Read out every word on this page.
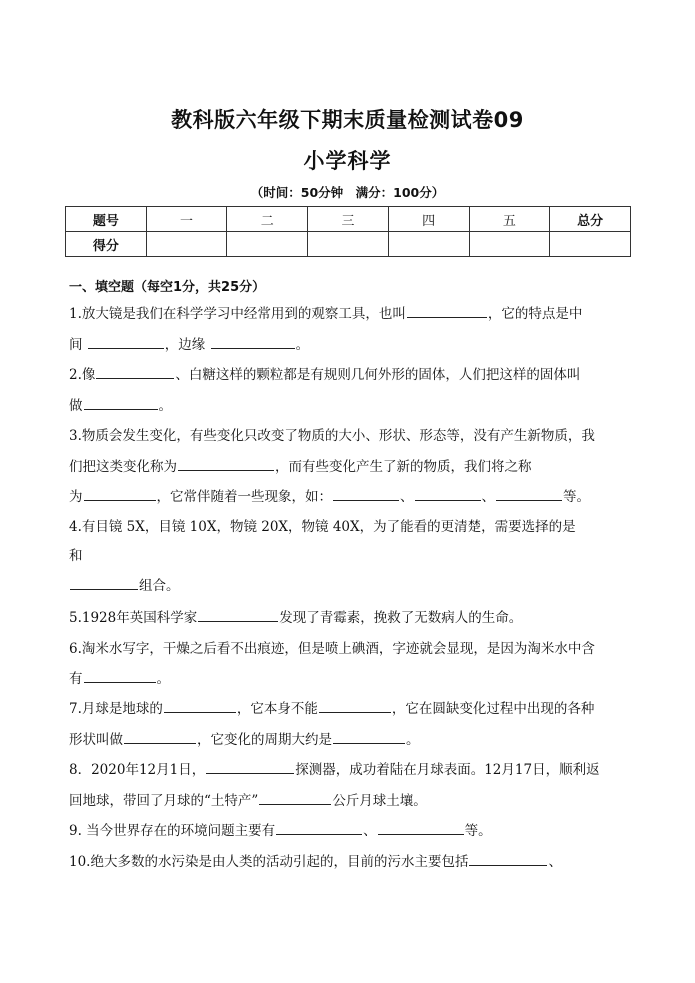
教科版六年级下期末质量检测试卷09
小学科学
（时间：50分钟　满分：100分）
题号	一	二	三	四	五	总分
得分						
一、填空题（每空1分，共25分）
1.放大镜是我们在科学学习中经常用到的观察工具，也叫	，它的特点是中
间	，边缘	。
2.像	、白糖这样的颗粒都是有规则几何外形的固体，人们把这样的固体叫
做	。
3.物质会发生变化，有些变化只改变了物质的大小、形状、形态等，没有产生新物质，我
们把这类变化称为	，而有些变化产生了新的物质，我们将之称
为	，它常伴随着一些现象，如：	、	、	等。
4.有目镜 5X，目镜 10X，物镜 20X，物镜 40X，为了能看的更清楚，需要选择的是
和
组合。
5.1928年英国科学家	发现了青霉素，挽救了无数病人的生命。
6.淘米水写字，干燥之后看不出痕迹，但是喷上碘酒，字迹就会显现，是因为淘米水中含
有	。
7.月球是地球的	，它本身不能	，它在圆缺变化过程中出现的各种
形状叫做	，它变化的周期大约是	。
8．2020年12月1日，	探测器，成功着陆在月球表面。12月17日，顺利返
回地球，带回了月球的“土特产”	公斤月球土壤。
9. 当今世界存在的环境问题主要有	、	等。
10.绝大多数的水污染是由人类的活动引起的，目前的污水主要包括	、
